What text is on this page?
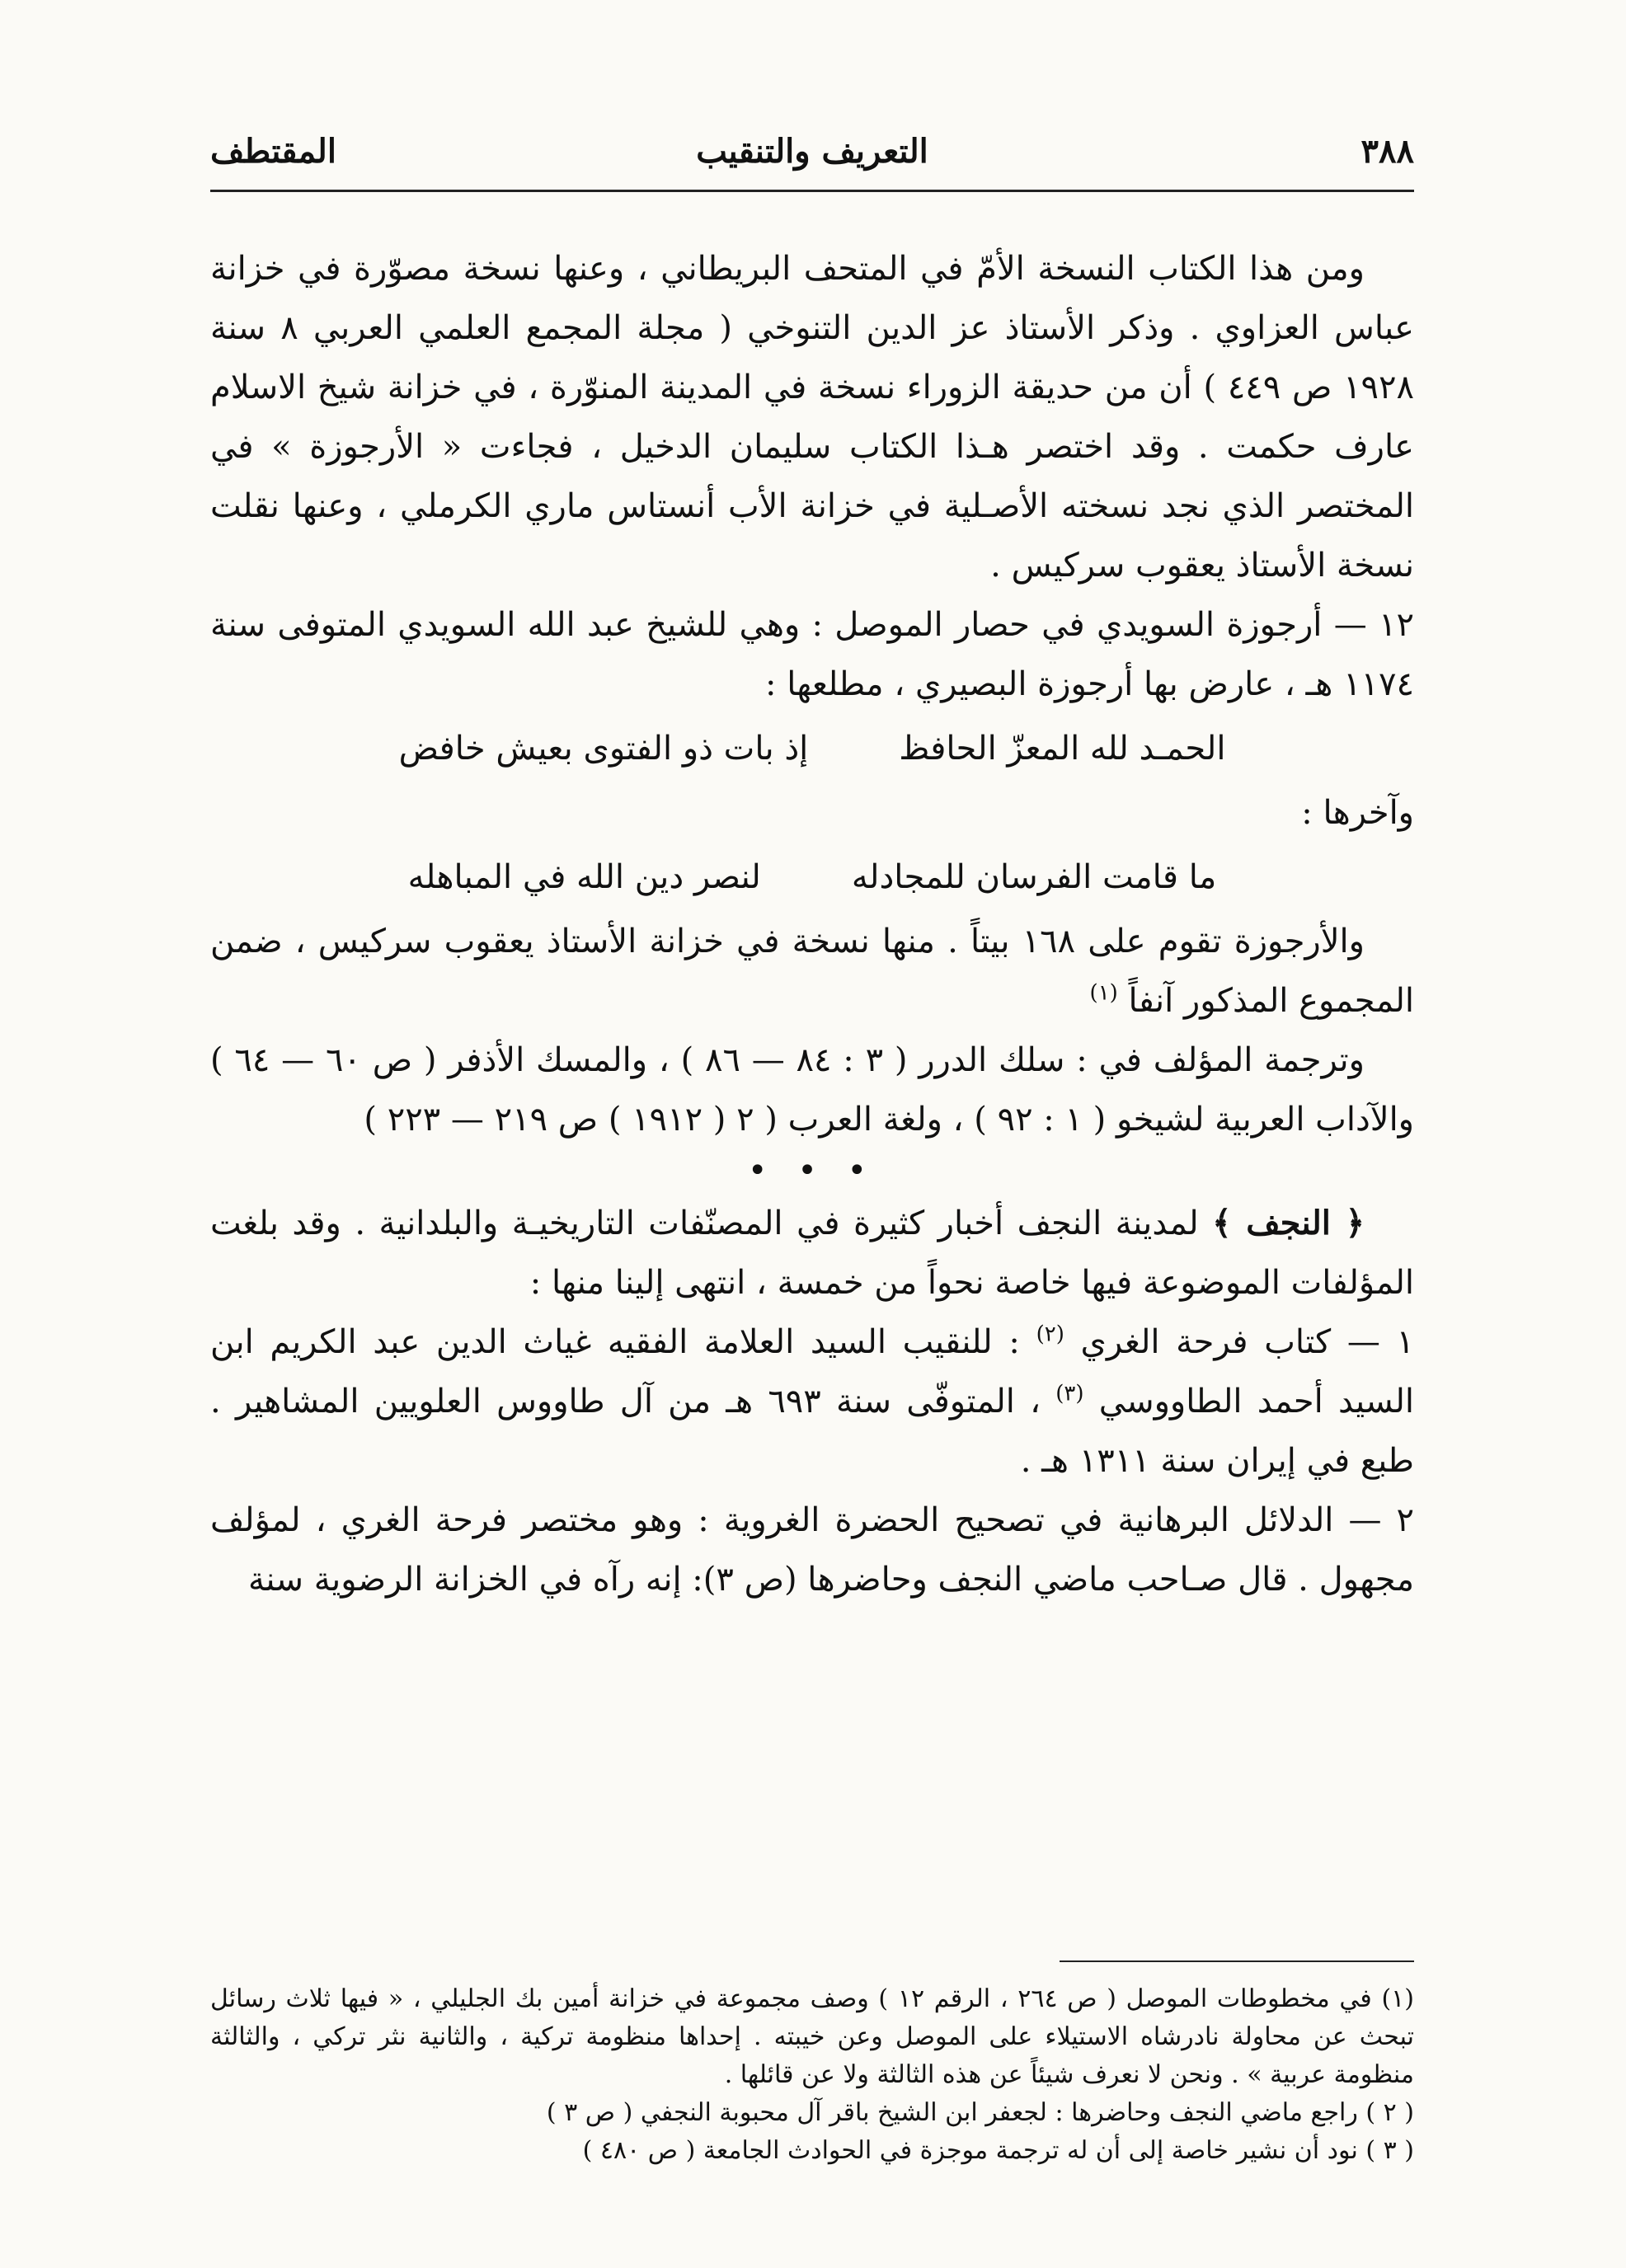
٣٨٨
التعريف والتنقيب
المقتطف

ومن هذا الكتاب النسخة الأمّ في المتحف البريطاني ، وعنها نسخة مصوّرة في خزانة عباس العزاوي . وذكر الأستاذ عز الدين التنوخي ( مجلة المجمع العلمي العربي ٨ سنة ١٩٢٨ ص ٤٤٩ ) أن من حديقة الزوراء نسخة في المدينة المنوّرة ، في خزانة شيخ الاسلام عارف حكمت . وقد اختصر هـذا الكتاب سليمان الدخيل ، فجاءت « الأرجوزة » في المختصر الذي نجد نسخته الأصـلية في خزانة الأب أنستاس ماري الكرملي ، وعنها نقلت نسخة الأستاذ يعقوب سركيس .

١٢ — أرجوزة السويدي في حصار الموصل : وهي للشيخ عبد الله السويدي المتوفى سنة ١١٧٤ هـ ، عارض بها أرجوزة البصيري ، مطلعها :

الحمـد لله المعزّ الحافظ
إذ بات ذو الفتوى بعيش خافض

وآخرها :

ما قامت الفرسان للمجادله
لنصر دين الله في المباهله

والأرجوزة تقوم على ١٦٨ بيتاً . منها نسخة في خزانة الأستاذ يعقوب سركيس ، ضمن المجموع المذكور آنفاً $^{(١)}$

وترجمة المؤلف في : سلك الدرر ( ٣ : ٨٤ — ٨٦ ) ، والمسك الأذفر ( ص ٦٠ — ٦٤ ) والآداب العربية لشيخو ( ١ : ٩٢ ) ، ولغة العرب ( ٢ ( ١٩١٢ ) ص ٢١٩ — ٢٢٣ )

• • •

﴿ النجف ﴾ لمدينة النجف أخبار كثيرة في المصنّفات التاريخيـة والبلدانية . وقد بلغت المؤلفات الموضوعة فيها خاصة نحواً من خمسة ، انتهى إلينا منها :

١ — كتاب فرحة الغري $^{(٢)}$ : للنقيب السيد العلامة الفقيه غياث الدين عبد الكريم ابن السيد أحمد الطاووسي $^{(٣)}$ ، المتوفّى سنة ٦٩٣ هـ من آل طاووس العلويين المشاهير . طبع في إيران سنة ١٣١١ هـ .

٢ — الدلائل البرهانية في تصحيح الحضرة الغروية : وهو مختصر فرحة الغري ، لمؤلف مجهول . قال صـاحب ماضي النجف وحاضرها (ص ٣): إنه رآه في الخزانة الرضوية سنة

(١) في مخطوطات الموصل ( ص ٢٦٤ ، الرقم ١٢ ) وصف مجموعة في خزانة أمين بك الجليلي ، « فيها ثلاث رسائل تبحث عن محاولة نادرشاه الاستيلاء على الموصل وعن خيبته . إحداها منظومة تركية ، والثانية نثر تركي ، والثالثة منظومة عربية » . ونحن لا نعرف شيئاً عن هذه الثالثة ولا عن قائلها .

( ٢ ) راجع ماضي النجف وحاضرها : لجعفر ابن الشيخ باقر آل محبوبة النجفي ( ص ٣ )

( ٣ ) نود أن نشير خاصة إلى أن له ترجمة موجزة في الحوادث الجامعة ( ص ٤٨٠ )
